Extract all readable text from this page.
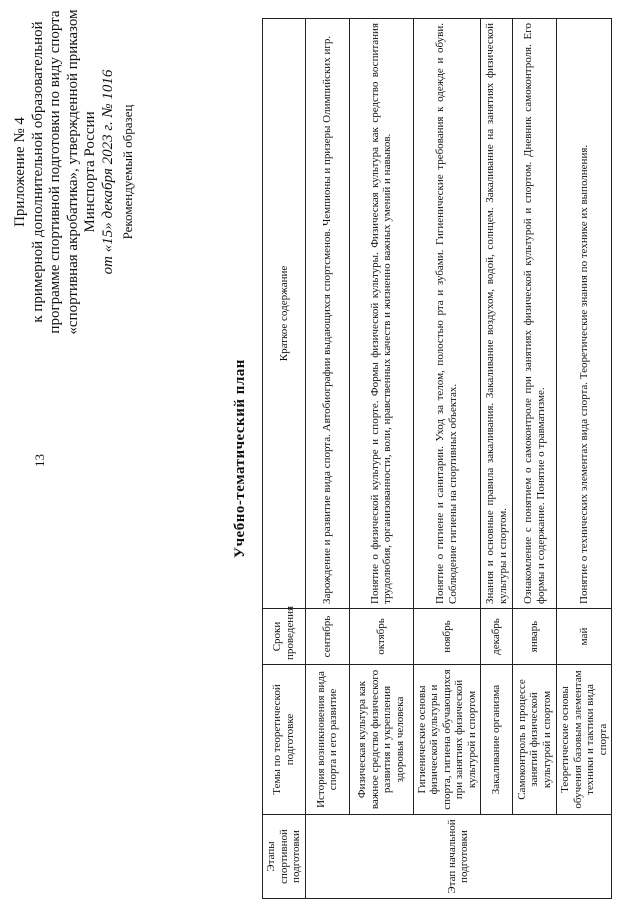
13
Приложение № 4 к примерной дополнительной образовательной программе спортивной подготовки по виду спорта «спортивная акробатика», утвержденной приказом Минспорта России от «15» декабря 2023 г. № 1016 Рекомендуемый образец
Учебно-тематический план
Этапы спортивной подготовки	Темы по теоретической подготовке	Сроки проведения	Краткое содержание
Этап начальной подготовки	История возникновения вида спорта и его развитие	сентябрь	Зарождение и развитие вида спорта. Автобиографии выдающихся спортсменов. Чемпионы и призеры Олимпийских игр.
	Физическая культура как важное средство физического развития и укрепления здоровья человека	октябрь	Понятие о физической культуре и спорте. Формы физической культуры. Физическая культура как средство воспитания трудолюбия, организованности, воли, нравственных качеств и жизненно важных умений и навыков.
	Гигиенические основы физической культуры и спорта, гигиена обучающихся при занятиях физической культурой и спортом	ноябрь	Понятие о гигиене и санитарии. Уход за телом, полостью рта и зубами. Гигиенические требования к одежде и обуви. Соблюдение гигиены на спортивных объектах.
	Закаливание организма	декабрь	Знания и основные правила закаливания. Закаливание воздухом, водой, солнцем. Закаливание на занятиях физической культуры и спортом.
	Самоконтроль в процессе занятий физической культурой и спортом	январь	Ознакомление с понятием о самоконтроле при занятиях физической культурой и спортом. Дневник самоконтроля. Его формы и содержание. Понятие о травматизме.
	Теоретические основы обучения базовым элементам техники и тактики вида спорта	май	Понятие о технических элементах вида спорта. Теоретические знания по технике их выполнения.
